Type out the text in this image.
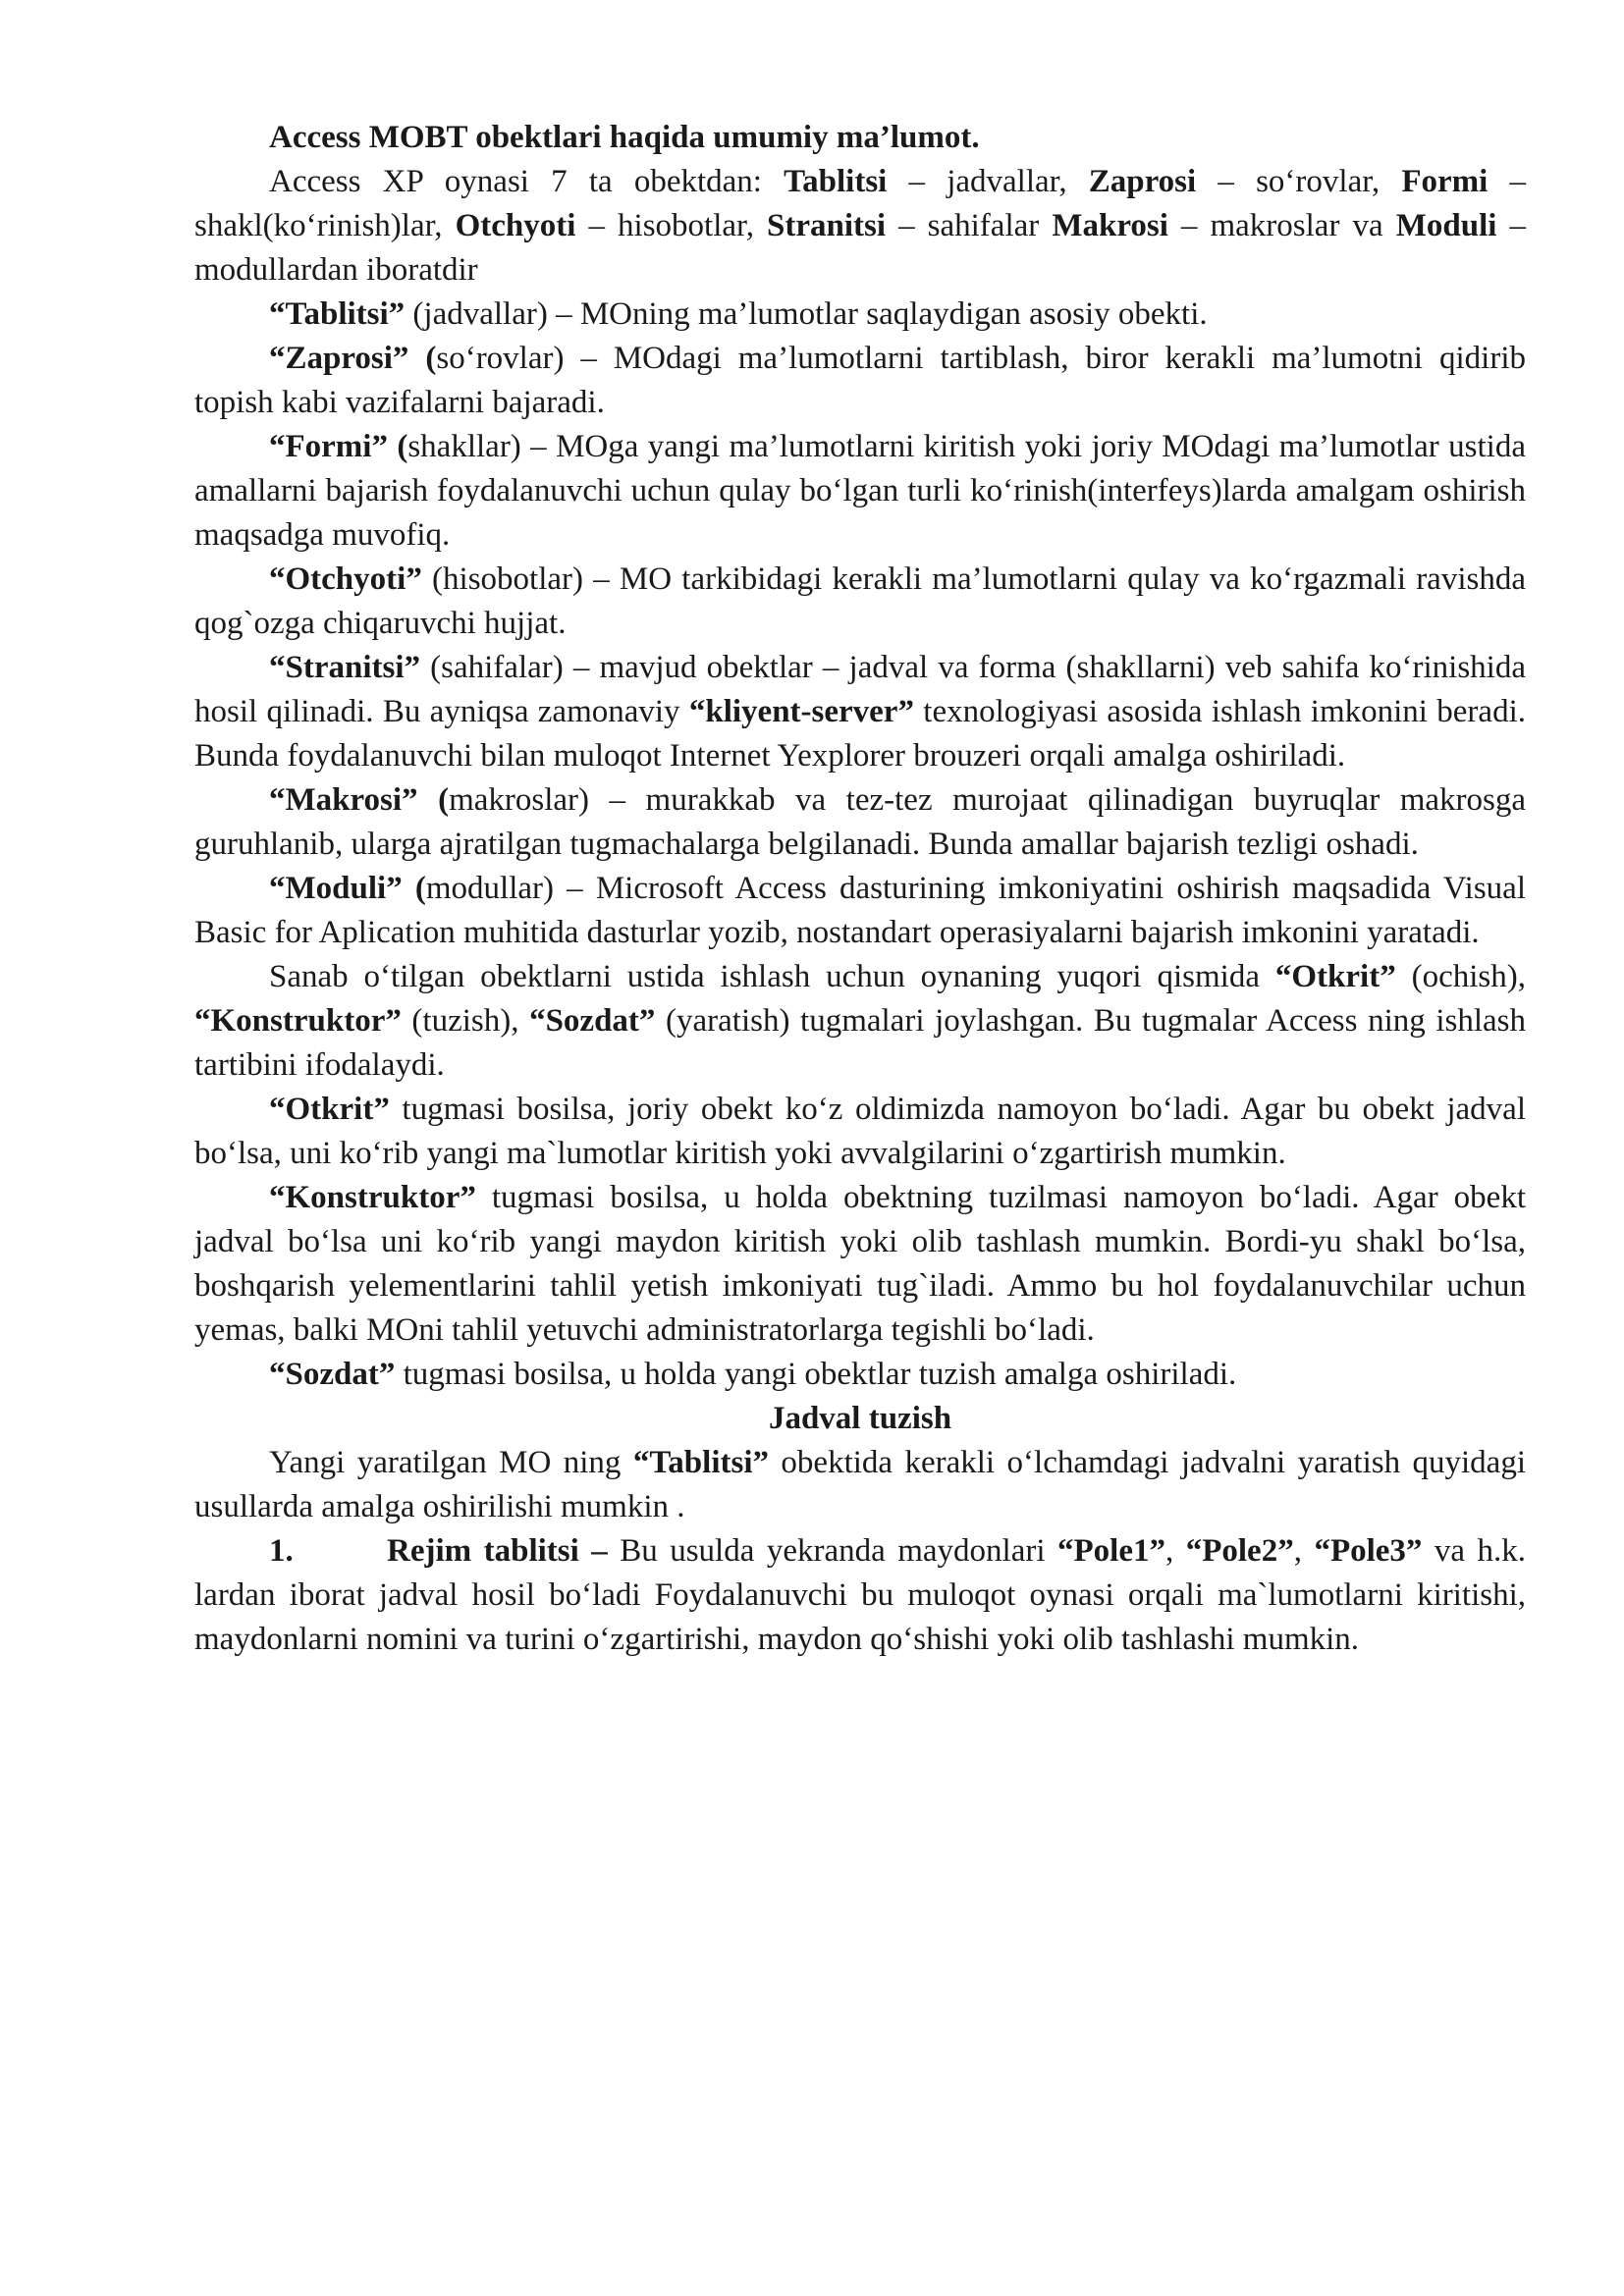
Access MOBT obektlari haqida umumiy ma’lumot.

Access XP oynasi 7 ta obektdan: Tablitsi – jadvallar, Zaprosi – so‘rovlar, Formi – shakl(ko‘rinish)lar, Otchyoti – hisobotlar, Stranitsi – sahifalar Makrosi – makroslar va Moduli – modullardan iboratdir

“Tablitsi” (jadvallar) – MOning ma’lumotlar saqlaydigan asosiy obekti.

“Zaprosi” (so‘rovlar) – MOdagi ma’lumotlarni tartiblash, biror kerakli ma’lumotni qidirib topish kabi vazifalarni bajaradi.

“Formi” (shakllar) – MOga yangi ma’lumotlarni kiritish yoki joriy MOdagi ma’lumotlar ustida amallarni bajarish foydalanuvchi uchun qulay bo‘lgan turli ko‘rinish(interfeys)larda amalgam oshirish maqsadga muvofiq.

“Otchyoti” (hisobotlar) – MO tarkibidagi kerakli ma’lumotlarni qulay va ko‘rgazmali ravishda qog`ozga chiqaruvchi hujjat.

“Stranitsi” (sahifalar) – mavjud obektlar – jadval va forma (shakllarni) veb sahifa ko‘rinishida hosil qilinadi. Bu ayniqsa zamonaviy “kliyent-server” texnologiyasi asosida ishlash imkonini beradi. Bunda foydalanuvchi bilan muloqot Internet Yexplorer brouzeri orqali amalga oshiriladi.

“Makrosi” (makroslar) – murakkab va tez-tez murojaat qilinadigan buyruqlar makrosga guruhlanib, ularga ajratilgan tugmachalarga belgilanadi. Bunda amallar bajarish tezligi oshadi.

“Moduli” (modullar) – Microsoft Access dasturining imkoniyatini oshirish maqsadida Visual Basic for Aplication muhitida dasturlar yozib, nostandart operasiyalarni bajarish imkonini yaratadi.

Sanab o‘tilgan obektlarni ustida ishlash uchun oynaning yuqori qismida “Otkrit” (ochish), “Konstruktor” (tuzish), “Sozdat” (yaratish) tugmalari joylashgan. Bu tugmalar Access ning ishlash tartibini ifodalaydi.

“Otkrit” tugmasi bosilsa, joriy obekt ko‘z oldimizda namoyon bo‘ladi. Agar bu obekt jadval bo‘lsa, uni ko‘rib yangi ma`lumotlar kiritish yoki avvalgilarini o‘zgartirish mumkin.

“Konstruktor” tugmasi bosilsa, u holda obektning tuzilmasi namoyon bo‘ladi. Agar obekt jadval bo‘lsa uni ko‘rib yangi maydon kiritish yoki olib tashlash mumkin. Bordi-yu shakl bo‘lsa, boshqarish yelementlarini tahlil yetish imkoniyati tug`iladi. Ammo bu hol foydalanuvchilar uchun yemas, balki MOni tahlil yetuvchi administratorlarga tegishli bo‘ladi.

“Sozdat” tugmasi bosilsa, u holda yangi obektlar tuzish amalga oshiriladi.

Jadval tuzish

Yangi yaratilgan MO ning “Tablitsi” obektida kerakli o‘lchamdagi jadvalni yaratish quyidagi usullarda amalga oshirilishi mumkin .

1.	Rejim tablitsi – Bu usulda yekranda maydonlari “Pole1”, “Pole2”, “Pole3” va h.k. lardan iborat jadval hosil bo‘ladi Foydalanuvchi bu muloqot oynasi orqali ma`lumotlarni kiritishi, maydonlarni nomini va turini o‘zgartirishi, maydon qo‘shishi yoki olib tashlashi mumkin.
